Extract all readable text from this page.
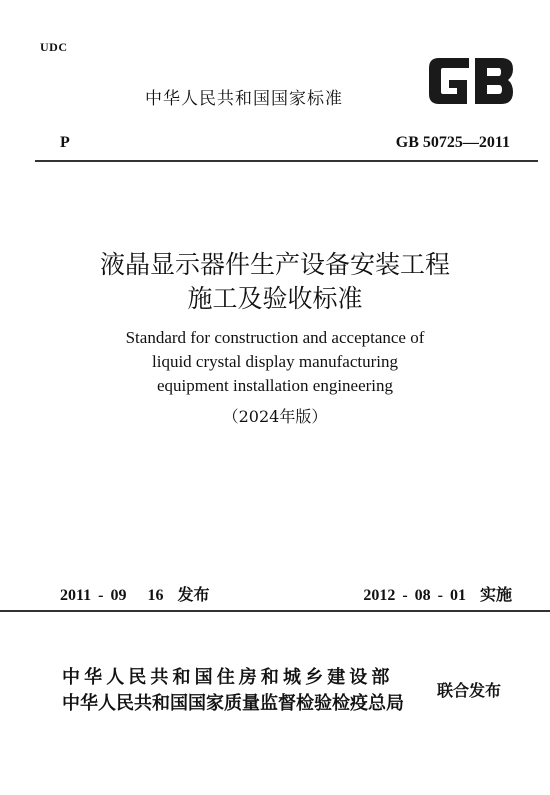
UDC
中华人民共和国国家标准
P	GB 50725—2011
液晶显示器件生产设备安装工程
施工及验收标准
Standard for construction and acceptance of
liquid crystal display manufacturing
equipment installation engineering
（2024年版）
2011 - 09   16  发布	2012 - 08 - 01  实施
中华人民共和国住房和城乡建设部
中华人民共和国国家质量监督检验检疫总局
联合发布
